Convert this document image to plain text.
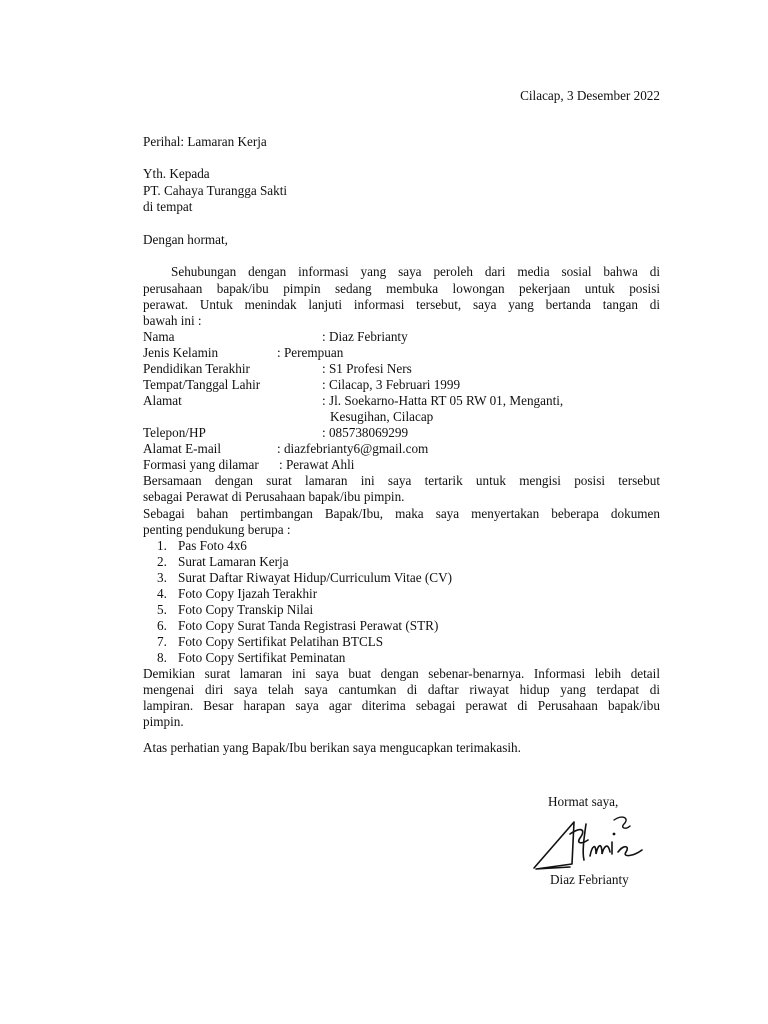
Cilacap, 3 Desember 2022
Perihal: Lamaran Kerja
Yth. Kepada
PT. Cahaya Turangga Sakti
di tempat
Dengan hormat,
Sehubungan dengan informasi yang saya peroleh dari media sosial bahwa di
perusahaan bapak/ibu pimpin sedang membuka lowongan pekerjaan untuk posisi
perawat. Untuk menindak lanjuti informasi tersebut, saya yang bertanda tangan di
bawah ini :
Nama	: Diaz Febrianty
Jenis Kelamin	: Perempuan
Pendidikan Terakhir	: S1 Profesi Ners
Tempat/Tanggal Lahir	: Cilacap, 3 Februari 1999
Alamat	: Jl. Soekarno-Hatta RT 05 RW 01, Menganti,
Kesugihan, Cilacap
Telepon/HP	: 085738069299
Alamat E-mail	: diazfebrianty6@gmail.com
Formasi yang dilamar : Perawat Ahli
Bersamaan dengan surat lamaran ini saya tertarik untuk mengisi posisi tersebut
sebagai Perawat di Perusahaan bapak/ibu pimpin.
Sebagai bahan pertimbangan Bapak/Ibu, maka saya menyertakan beberapa dokumen
penting pendukung berupa :
1. Pas Foto 4x6
2. Surat Lamaran Kerja
3. Surat Daftar Riwayat Hidup/Curriculum Vitae (CV)
4. Foto Copy Ijazah Terakhir
5. Foto Copy Transkip Nilai
6. Foto Copy Surat Tanda Registrasi Perawat (STR)
7. Foto Copy Sertifikat Pelatihan BTCLS
8. Foto Copy Sertifikat Peminatan
Demikian surat lamaran ini saya buat dengan sebenar-benarnya. Informasi lebih detail
mengenai diri saya telah saya cantumkan di daftar riwayat hidup yang terdapat di
lampiran. Besar harapan saya agar diterima sebagai perawat di Perusahaan bapak/ibu
pimpin.
Atas perhatian yang Bapak/Ibu berikan saya mengucapkan terimakasih.
Hormat saya,
Diaz Febrianty
